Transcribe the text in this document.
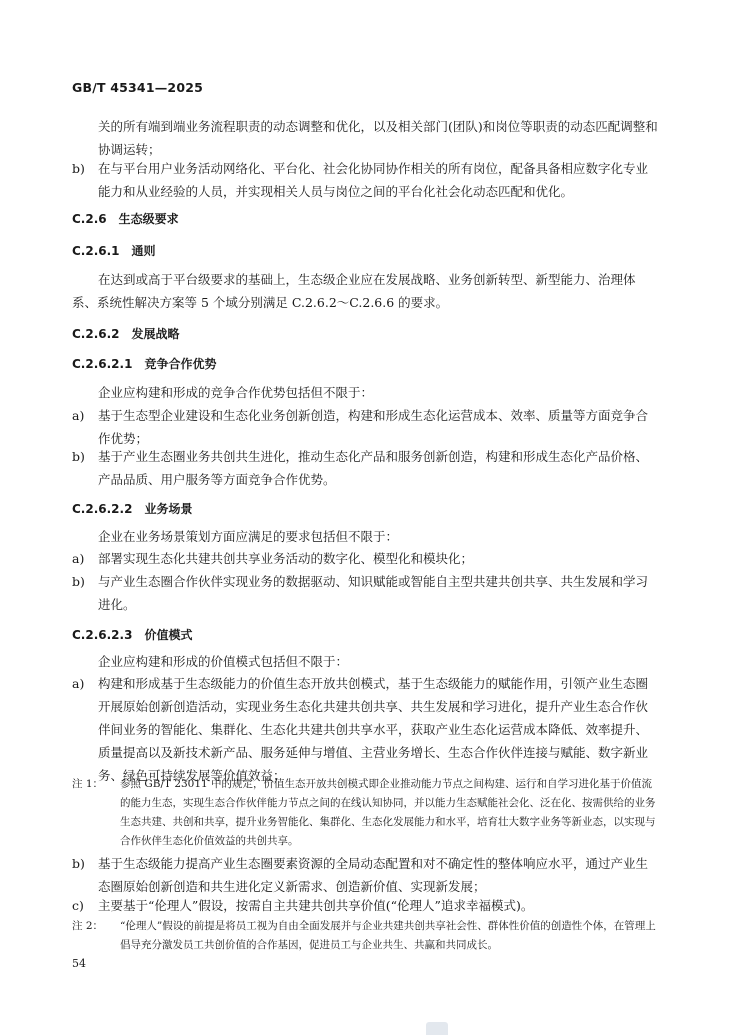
GB/T 45341—2025
关的所有端到端业务流程职责的动态调整和优化，以及相关部门(团队)和岗位等职责的动态匹配调整和协调运转；
b) 在与平台用户业务活动网络化、平台化、社会化协同协作相关的所有岗位，配备具备相应数字化专业能力和从业经验的人员，并实现相关人员与岗位之间的平台化社会化动态匹配和优化。
C.2.6 生态级要求
C.2.6.1 通则
在达到或高于平台级要求的基础上，生态级企业应在发展战略、业务创新转型、新型能力、治理体系、系统性解决方案等 5 个域分别满足 C.2.6.2～C.2.6.6 的要求。
C.2.6.2 发展战略
C.2.6.2.1 竞争合作优势
企业应构建和形成的竞争合作优势包括但不限于：
a) 基于生态型企业建设和生态化业务创新创造，构建和形成生态化运营成本、效率、质量等方面竞争合作优势；
b) 基于产业生态圈业务共创共生进化，推动生态化产品和服务创新创造，构建和形成生态化产品价格、产品品质、用户服务等方面竞争合作优势。
C.2.6.2.2 业务场景
企业在业务场景策划方面应满足的要求包括但不限于：
a) 部署实现生态化共建共创共享业务活动的数字化、模型化和模块化；
b) 与产业生态圈合作伙伴实现业务的数据驱动、知识赋能或智能自主型共建共创共享、共生发展和学习进化。
C.2.6.2.3 价值模式
企业应构建和形成的价值模式包括但不限于：
a) 构建和形成基于生态级能力的价值生态开放共创模式，基于生态级能力的赋能作用，引领产业生态圈开展原始创新创造活动，实现业务生态化共建共创共享、共生发展和学习进化，提升产业生态合作伙伴间业务的智能化、集群化、生态化共建共创共享水平，获取产业生态化运营成本降低、效率提升、质量提高以及新技术新产品、服务延伸与增值、主营业务增长、生态合作伙伴连接与赋能、数字新业务、绿色可持续发展等价值效益；
注 1： 参照 GB/T 23011 中的规定，价值生态开放共创模式即企业推动能力节点之间构建、运行和自学习进化基于价值流的能力生态，实现生态合作伙伴能力节点之间的在线认知协同，并以能力生态赋能社会化、泛在化、按需供给的业务生态共建、共创和共享，提升业务智能化、集群化、生态化发展能力和水平，培育壮大数字业务等新业态，以实现与合作伙伴生态化价值效益的共创共享。
b) 基于生态级能力提高产业生态圈要素资源的全局动态配置和对不确定性的整体响应水平，通过产业生态圈原始创新创造和共生进化定义新需求、创造新价值、实现新发展；
c) 主要基于“伦理人”假设，按需自主共建共创共享价值(“伦理人”追求幸福模式)。
注 2： “伦理人”假设的前提是将员工视为自由全面发展并与企业共建共创共享社会性、群体性价值的创造性个体，在管理上倡导充分激发员工共创价值的合作基因，促进员工与企业共生、共赢和共同成长。
54
